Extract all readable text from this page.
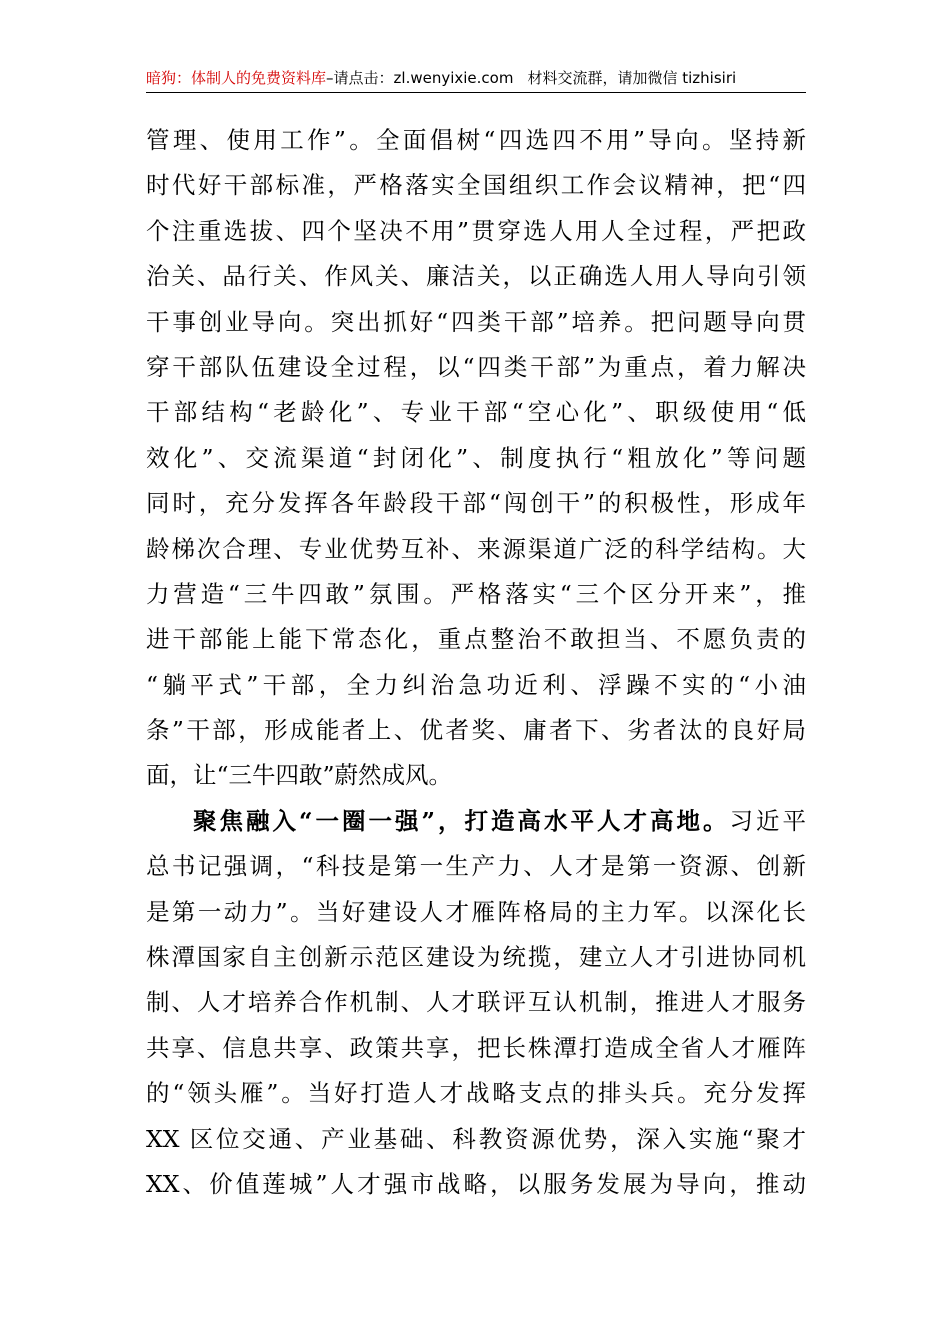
暗狗：体制人的免费资料库–请点击：zl.wenyixie.com 材料交流群，请加微信 tizhisiri
管理、使用工作”。全面倡树“四选四不用”导向。坚持新
时代好干部标准，严格落实全国组织工作会议精神，把“四
个注重选拔、四个坚决不用”贯穿选人用人全过程，严把政
治关、品行关、作风关、廉洁关，以正确选人用人导向引领
干事创业导向。突出抓好“四类干部”培养。把问题导向贯
穿干部队伍建设全过程，以“四类干部”为重点，着力解决
干部结构“老龄化”、专业干部“空心化”、职级使用“低
效化”、交流渠道“封闭化”、制度执行“粗放化”等问题
同时，充分发挥各年龄段干部“闯创干”的积极性，形成年
龄梯次合理、专业优势互补、来源渠道广泛的科学结构。大
力营造“三牛四敢”氛围。严格落实“三个区分开来”，推
进干部能上能下常态化，重点整治不敢担当、不愿负责的
“躺平式”干部，全力纠治急功近利、浮躁不实的“小油
条”干部，形成能者上、优者奖、庸者下、劣者汰的良好局
面，让“三牛四敢”蔚然成风。
聚焦融入“一圈一强”，打造高水平人才高地。习近平
总书记强调，“科技是第一生产力、人才是第一资源、创新
是第一动力”。当好建设人才雁阵格局的主力军。以深化长
株潭国家自主创新示范区建设为统揽，建立人才引进协同机
制、人才培养合作机制、人才联评互认机制，推进人才服务
共享、信息共享、政策共享，把长株潭打造成全省人才雁阵
的“领头雁”。当好打造人才战略支点的排头兵。充分发挥
XX 区位交通、产业基础、科教资源优势，深入实施“聚才
XX、价值莲城”人才强市战略，以服务发展为导向，推动
